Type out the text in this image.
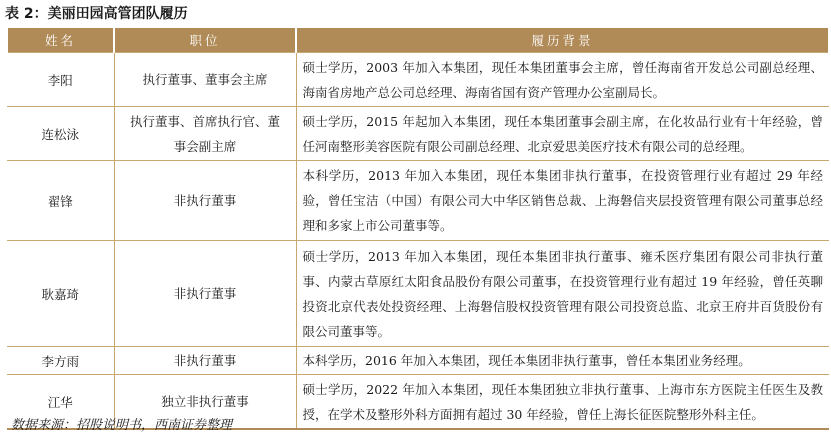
表 2：美丽田园高管团队履历
姓名	职位	履历背景
李阳	执行董事、董事会主席	硕士学历，2003 年加入本集团，现任本集团董事会主席，曾任海南省开发总公司副总经理、海南省房地产总公司总经理、海南省国有资产管理办公室副局长。
连松泳	执行董事、首席执行官、董事会副主席	硕士学历，2015 年起加入本集团，现任本集团董事会副主席，在化妆品行业有十年经验，曾任河南整形美容医院有限公司副总经理、北京爱思美医疗技术有限公司的总经理。
翟锋	非执行董事	本科学历，2013 年加入本集团，现任本集团非执行董事，在投资管理行业有超过 29 年经验，曾任宝洁（中国）有限公司大中华区销售总裁、上海磐信夹层投资管理有限公司董事总经理和多家上市公司董事等。
耿嘉琦	非执行董事	硕士学历，2013 年加入本集团，现任本集团非执行董事、雍禾医疗集团有限公司非执行董事、内蒙古草原红太阳食品股份有限公司董事，在投资管理行业有超过 19 年经验，曾任英聊投资北京代表处投资经理、上海磐信股权投资管理有限公司投资总监、北京王府井百货股份有限公司董事等。
李方雨	非执行董事	本科学历，2016 年加入本集团，现任本集团非执行董事，曾任本集团业务经理。
江华	独立非执行董事	硕士学历，2022 年加入本集团，现任本集团独立非执行董事、上海市东方医院主任医生及教授，在学术及整形外科方面拥有超过 30 年经验，曾任上海长征医院整形外科主任。
数据来源：招股说明书，西南证券整理
